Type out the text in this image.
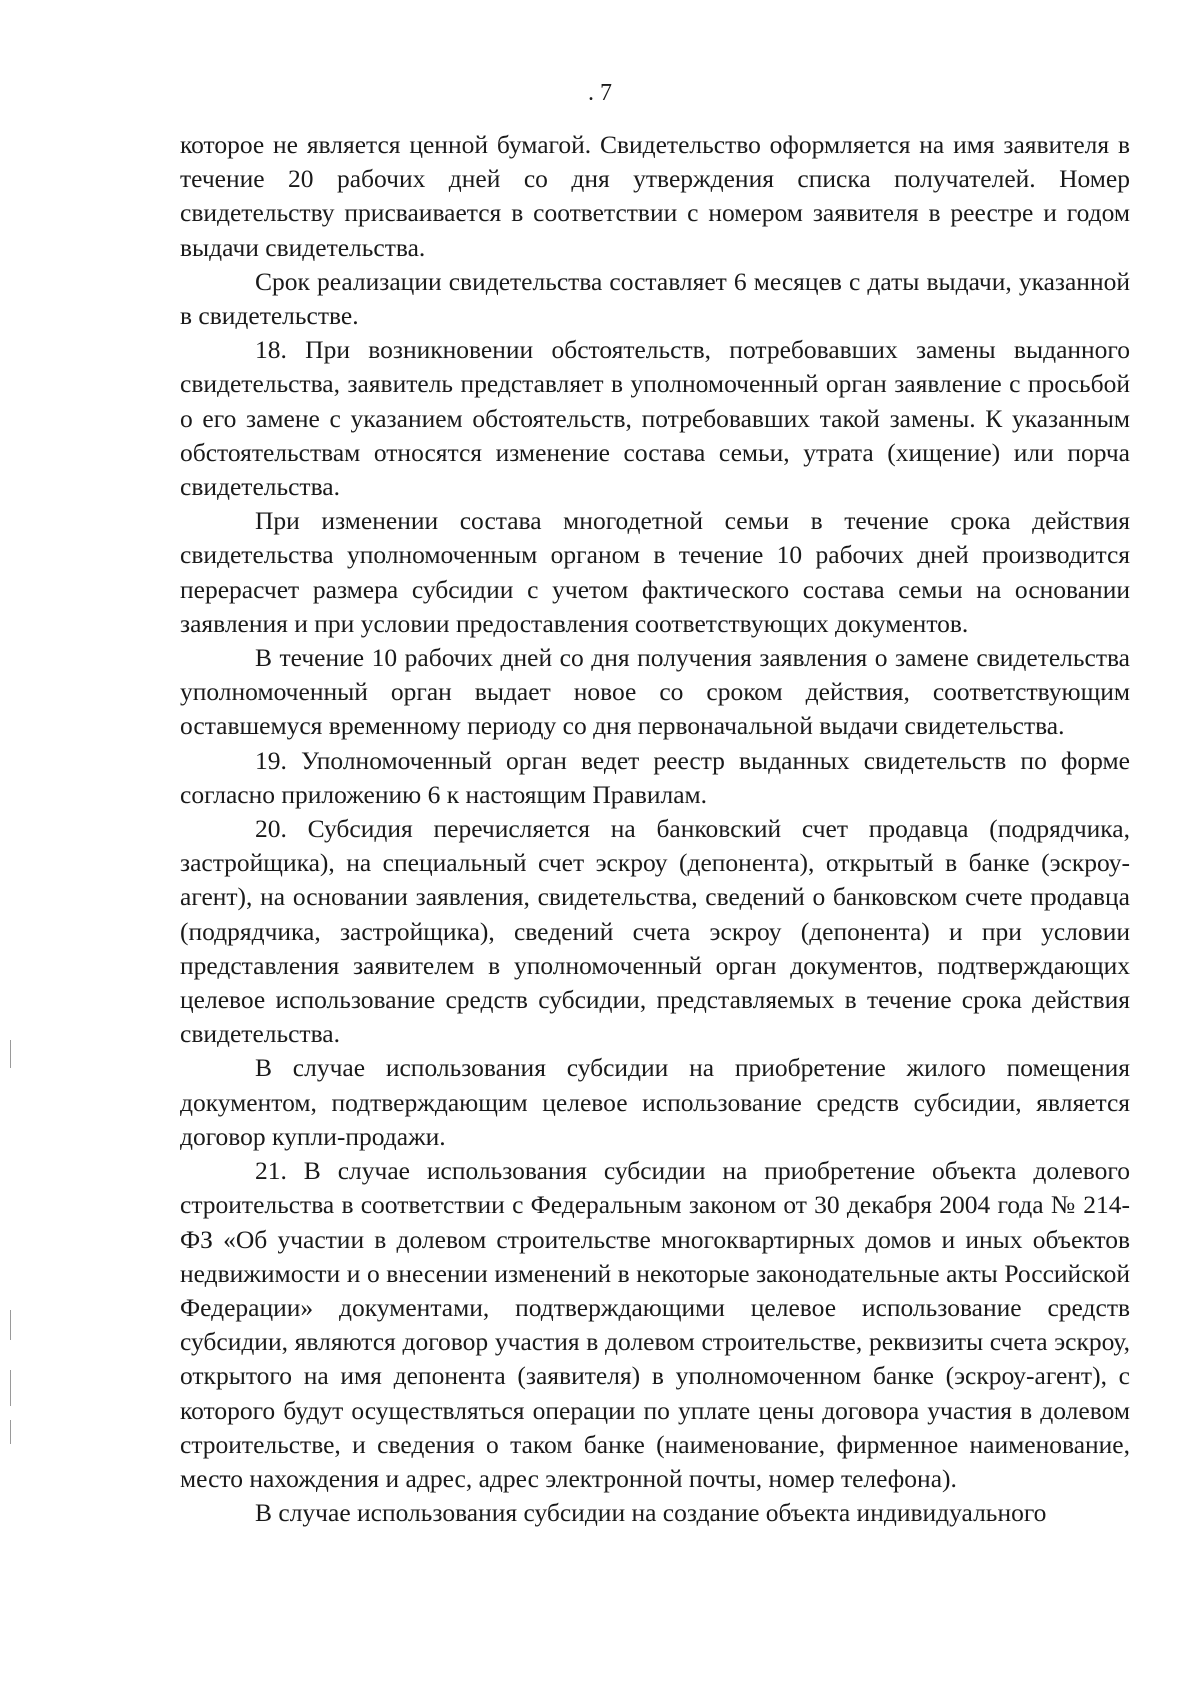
. 7

которое не является ценной бумагой. Свидетельство оформляется на имя заявителя в течение 20 рабочих дней со дня утверждения списка получателей. Номер свидетельству присваивается в соответствии с номером заявителя в реестре и годом выдачи свидетельства.

Срок реализации свидетельства составляет 6 месяцев с даты выдачи, указанной в свидетельстве.

18. При возникновении обстоятельств, потребовавших замены выданного свидетельства, заявитель представляет в уполномоченный орган заявление с просьбой о его замене с указанием обстоятельств, потребовавших такой замены. К указанным обстоятельствам относятся изменение состава семьи, утрата (хищение) или порча свидетельства.

При изменении состава многодетной семьи в течение срока действия свидетельства уполномоченным органом в течение 10 рабочих дней производится перерасчет размера субсидии с учетом фактического состава семьи на основании заявления и при условии предоставления соответствующих документов.

В течение 10 рабочих дней со дня получения заявления о замене свидетельства уполномоченный орган выдает новое со сроком действия, соответствующим оставшемуся временному периоду со дня первоначальной выдачи свидетельства.

19. Уполномоченный орган ведет реестр выданных свидетельств по форме согласно приложению 6 к настоящим Правилам.

20. Субсидия перечисляется на банковский счет продавца (подрядчика, застройщика), на специальный счет эскроу (депонента), открытый в банке (эскроу-агент), на основании заявления, свидетельства, сведений о банковском счете продавца (подрядчика, застройщика), сведений счета эскроу (депонента) и при условии представления заявителем в уполномоченный орган документов, подтверждающих целевое использование средств субсидии, представляемых в течение срока действия свидетельства.

В случае использования субсидии на приобретение жилого помещения документом, подтверждающим целевое использование средств субсидии, является договор купли-продажи.

21. В случае использования субсидии на приобретение объекта долевого строительства в соответствии с Федеральным законом от 30 декабря 2004 года № 214-ФЗ «Об участии в долевом строительстве многоквартирных домов и иных объектов недвижимости и о внесении изменений в некоторые законодательные акты Российской Федерации» документами, подтверждающими целевое использование средств субсидии, являются договор участия в долевом строительстве, реквизиты счета эскроу, открытого на имя депонента (заявителя) в уполномоченном банке (эскроу-агент), с которого будут осуществляться операции по уплате цены договора участия в долевом строительстве, и сведения о таком банке (наименование, фирменное наименование, место нахождения и адрес, адрес электронной почты, номер телефона).

В случае использования субсидии на создание объекта индивидуального
